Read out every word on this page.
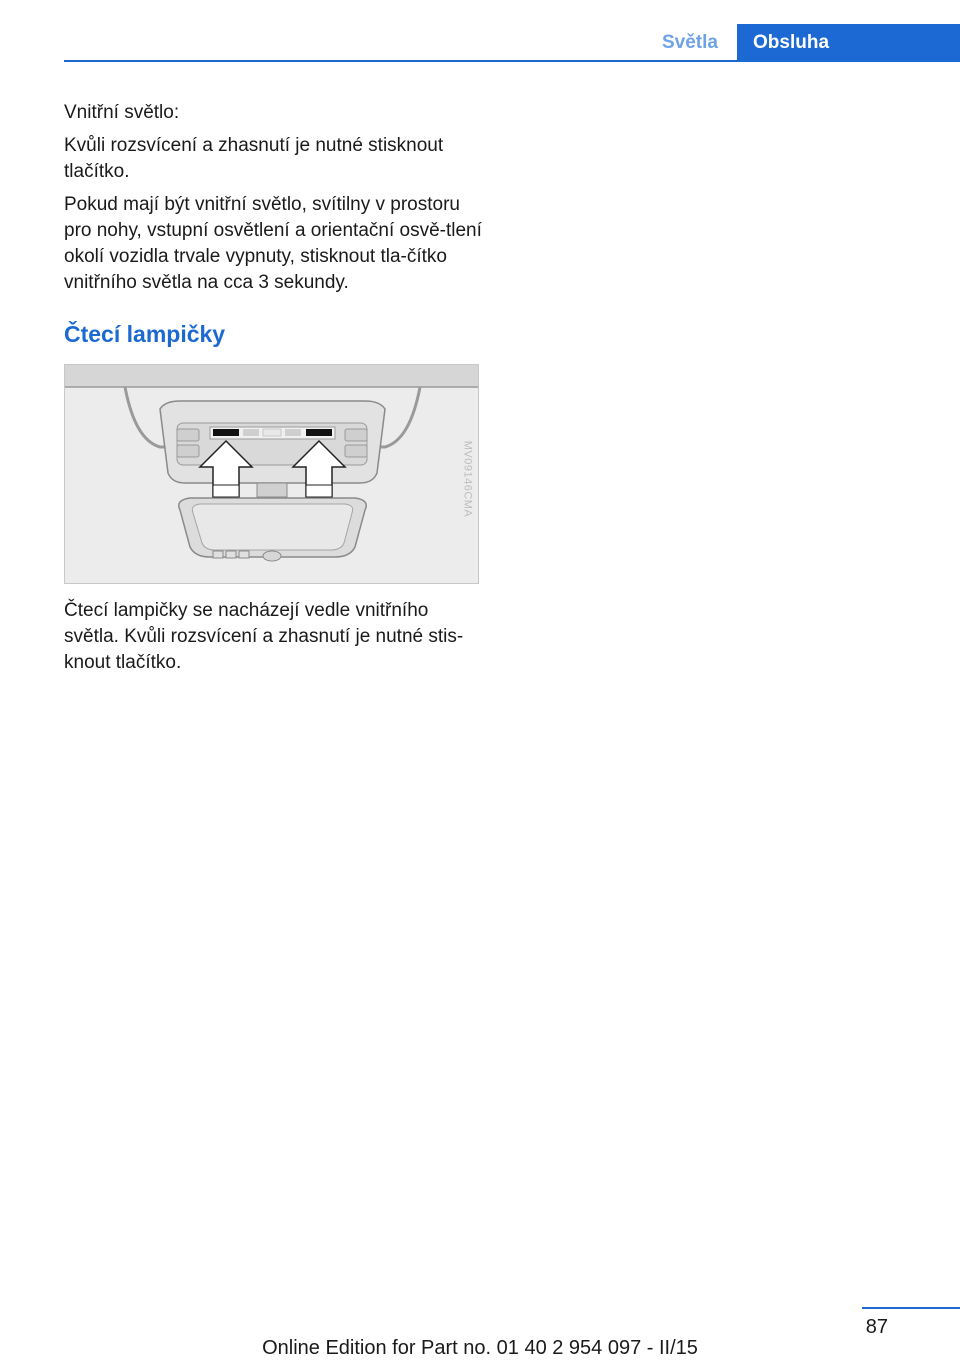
Světla	Obsluha

Vnitřní světlo:

Kvůli rozsvícení a zhasnutí je nutné stisknout tlačítko.

Pokud mají být vnitřní světlo, svítilny v prostoru pro nohy, vstupní osvětlení a orientační osvě-tlení okolí vozidla trvale vypnuty, stisknout tla-čítko vnitřního světla na cca 3 sekundy.

Čtecí lampičky
MV09146CMA

Čtecí lampičky se nacházejí vedle vnitřního světla. Kvůli rozsvícení a zhasnutí je nutné stis-knout tlačítko.

87
Online Edition for Part no. 01 40 2 954 097 - II/15
